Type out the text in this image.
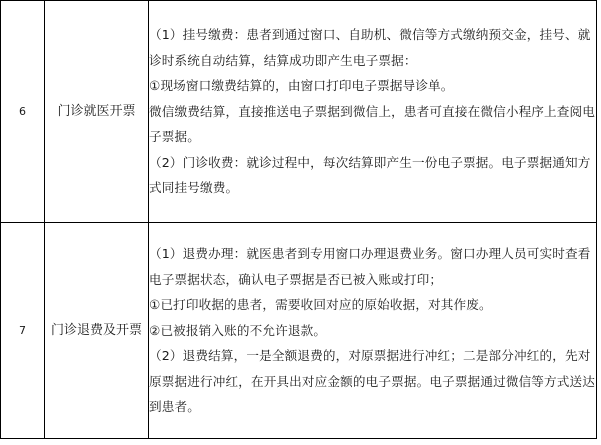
6	门诊就医开票	（1）挂号缴费：患者到通过窗口、自助机、微信等方式缴纳预交金，挂号、就诊时系统自动结算，结算成功即产生电子票据：

①现场窗口缴费结算的，由窗口打印电子票据导诊单。

微信缴费结算，直接推送电子票据到微信上，患者可直接在微信小程序上查阅电子票据。

（2）门诊收费：就诊过程中，每次结算即产生一份电子票据。电子票据通知方式同挂号缴费。

7	门诊退费及开票	（1）退费办理：就医患者到专用窗口办理退费业务。窗口办理人员可实时查看电子票据状态，确认电子票据是否已被入账或打印；

①已打印收据的患者，需要收回对应的原始收据，对其作废。

②已被报销入账的不允许退款。

（2）退费结算，一是全额退费的，对原票据进行冲红；二是部分冲红的，先对原票据进行冲红，在开具出对应金额的电子票据。电子票据通过微信等方式送达到患者。
